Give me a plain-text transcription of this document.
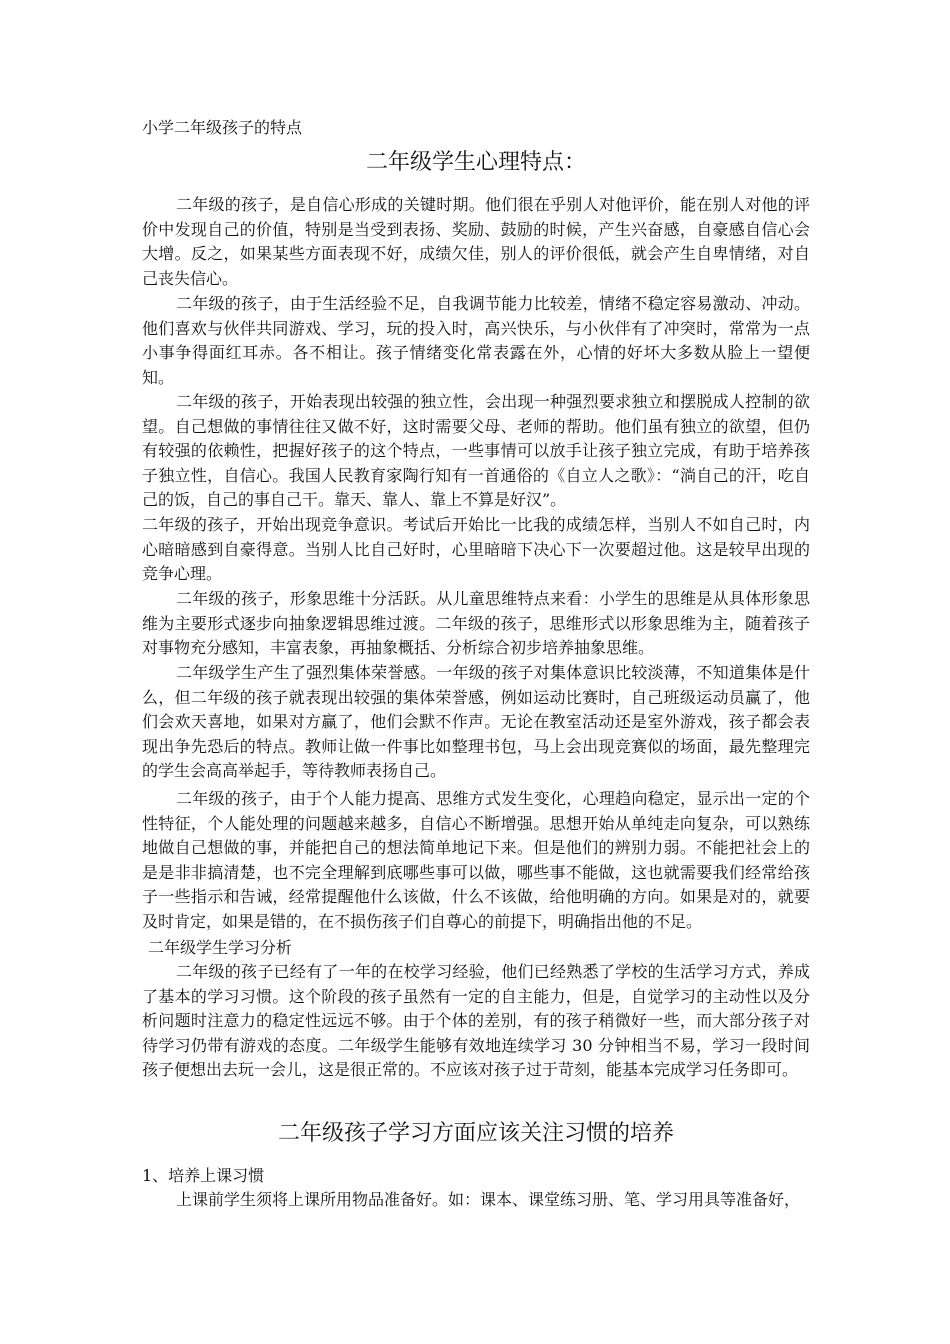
小学二年级孩子的特点

二年级学生心理特点：

二年级的孩子，是自信心形成的关键时期。他们很在乎别人对他评价，能在别人对他的评价中发现自己的价值，特别是当受到表扬、奖励、鼓励的时候，产生兴奋感，自豪感自信心会大增。反之，如果某些方面表现不好，成绩欠佳，别人的评价很低，就会产生自卑情绪，对自己丧失信心。

二年级的孩子，由于生活经验不足，自我调节能力比较差，情绪不稳定容易激动、冲动。他们喜欢与伙伴共同游戏、学习，玩的投入时，高兴快乐，与小伙伴有了冲突时，常常为一点小事争得面红耳赤。各不相让。孩子情绪变化常表露在外，心情的好坏大多数从脸上一望便知。

二年级的孩子，开始表现出较强的独立性，会出现一种强烈要求独立和摆脱成人控制的欲望。自己想做的事情往往又做不好，这时需要父母、老师的帮助。他们虽有独立的欲望，但仍有较强的依赖性，把握好孩子的这个特点，一些事情可以放手让孩子独立完成，有助于培养孩子独立性，自信心。我国人民教育家陶行知有一首通俗的《自立人之歌》：“淌自己的汗，吃自己的饭，自己的事自己干。靠天、靠人、靠上不算是好汉”。

二年级的孩子，开始出现竞争意识。考试后开始比一比我的成绩怎样，当别人不如自己时，内心暗暗感到自豪得意。当别人比自己好时，心里暗暗下决心下一次要超过他。这是较早出现的竞争心理。

二年级的孩子，形象思维十分活跃。从儿童思维特点来看：小学生的思维是从具体形象思维为主要形式逐步向抽象逻辑思维过渡。二年级的孩子，思维形式以形象思维为主，随着孩子对事物充分感知，丰富表象，再抽象概括、分析综合初步培养抽象思维。

二年级学生产生了强烈集体荣誉感。一年级的孩子对集体意识比较淡薄，不知道集体是什么，但二年级的孩子就表现出较强的集体荣誉感，例如运动比赛时，自己班级运动员赢了，他们会欢天喜地，如果对方赢了，他们会默不作声。无论在教室活动还是室外游戏，孩子都会表现出争先恐后的特点。教师让做一件事比如整理书包，马上会出现竞赛似的场面，最先整理完的学生会高高举起手，等待教师表扬自己。

二年级的孩子，由于个人能力提高、思维方式发生变化，心理趋向稳定，显示出一定的个性特征，个人能处理的问题越来越多，自信心不断增强。思想开始从单纯走向复杂，可以熟练地做自己想做的事，并能把自己的想法简单地记下来。但是他们的辨别力弱。不能把社会上的是是非非搞清楚，也不完全理解到底哪些事可以做，哪些事不能做，这也就需要我们经常给孩子一些指示和告诫，经常提醒他什么该做，什么不该做，给他明确的方向。如果是对的，就要及时肯定，如果是错的，在不损伤孩子们自尊心的前提下，明确指出他的不足。

二年级学生学习分析

二年级的孩子已经有了一年的在校学习经验，他们已经熟悉了学校的生活学习方式，养成了基本的学习习惯。这个阶段的孩子虽然有一定的自主能力，但是，自觉学习的主动性以及分析问题时注意力的稳定性远远不够。由于个体的差别，有的孩子稍微好一些，而大部分孩子对待学习仍带有游戏的态度。二年级学生能够有效地连续学习 30 分钟相当不易，学习一段时间孩子便想出去玩一会儿，这是很正常的。不应该对孩子过于苛刻，能基本完成学习任务即可。

二年级孩子学习方面应该关注习惯的培养

1、培养上课习惯

上课前学生须将上课所用物品准备好。如：课本、课堂练习册、笔、学习用具等准备好，
